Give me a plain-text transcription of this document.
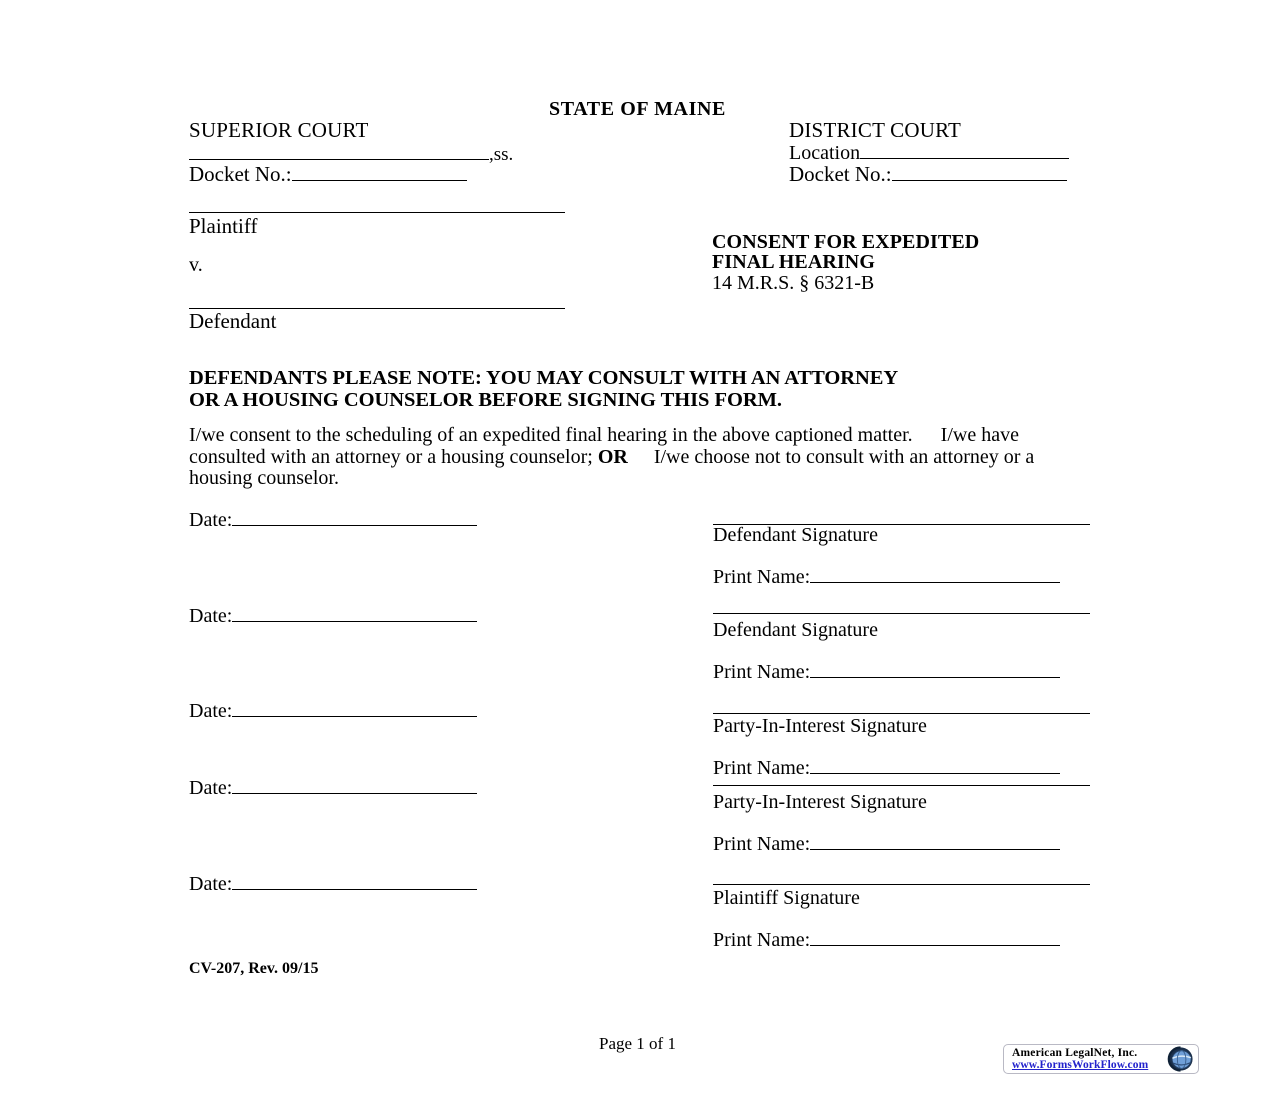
STATE OF MAINE
SUPERIOR COURT
,ss.
Docket No.:
DISTRICT COURT
Location
Docket No.:
Plaintiff
v.
Defendant
CONSENT FOR EXPEDITED
FINAL HEARING
14 M.R.S. § 6321-B
DEFENDANTS PLEASE NOTE: YOU MAY CONSULT WITH AN ATTORNEY
OR A HOUSING COUNSELOR BEFORE SIGNING THIS FORM.
I/we consent to the scheduling of an expedited final hearing in the above captioned matter. I/we have consulted with an attorney or a housing counselor; OR I/we choose not to consult with an attorney or a housing counselor.
Date:
Defendant Signature
Print Name:
Date:
Defendant Signature
Print Name:
Date:
Party-In-Interest Signature
Print Name:
Date:
Party-In-Interest Signature
Print Name:
Date:
Plaintiff Signature
Print Name:
CV-207, Rev. 09/15
Page 1 of 1	American LegalNet, Inc.
www.FormsWorkFlow.com
